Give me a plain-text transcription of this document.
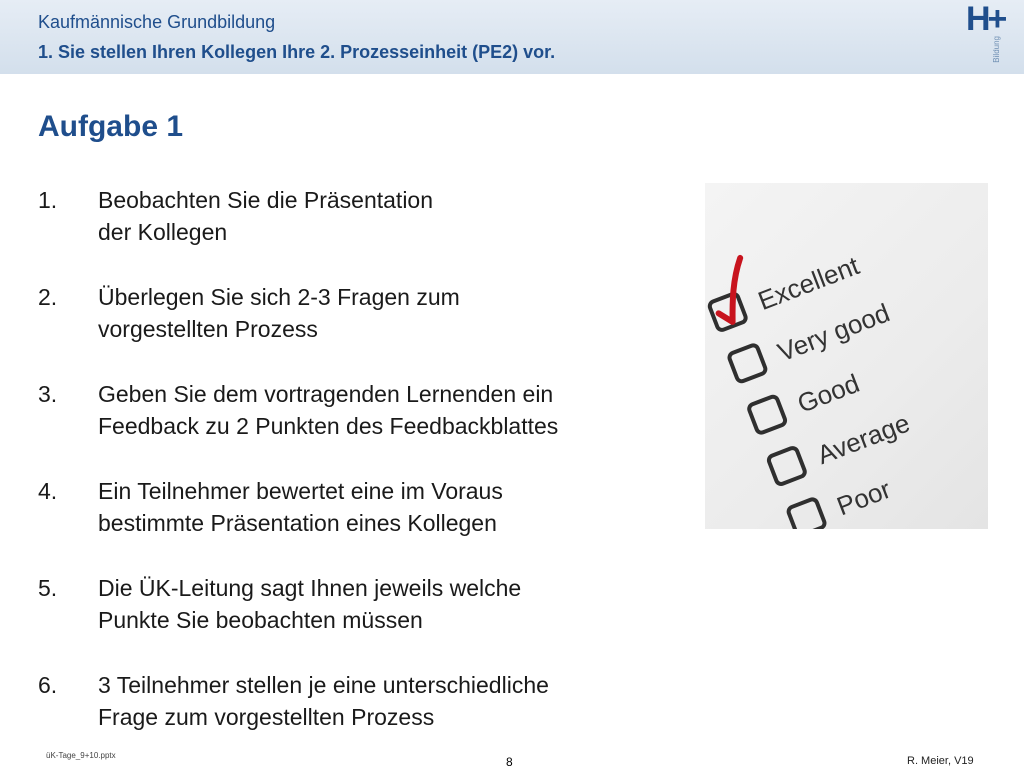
Kaufmännische Grundbildung
1. Sie stellen Ihren Kollegen Ihre 2. Prozesseinheit (PE2) vor.
H+
Bildung
Aufgabe 1
1.	Beobachten Sie die Präsentation
der Kollegen
2.	Überlegen Sie sich 2-3 Fragen zum
vorgestellten Prozess
3.	Geben Sie dem vortragenden Lernenden ein
Feedback zu 2 Punkten des Feedbackblattes
4.	Ein Teilnehmer bewertet eine im Voraus
bestimmte Präsentation eines Kollegen
5.	Die ÜK-Leitung sagt Ihnen jeweils welche
Punkte Sie beobachten müssen
6.	3 Teilnehmer stellen je eine unterschiedliche
Frage zum vorgestellten Prozess
Excellent
Very good
Good
Average
Poor
üK-Tage_9+10.pptx	8	R. Meier, V19
